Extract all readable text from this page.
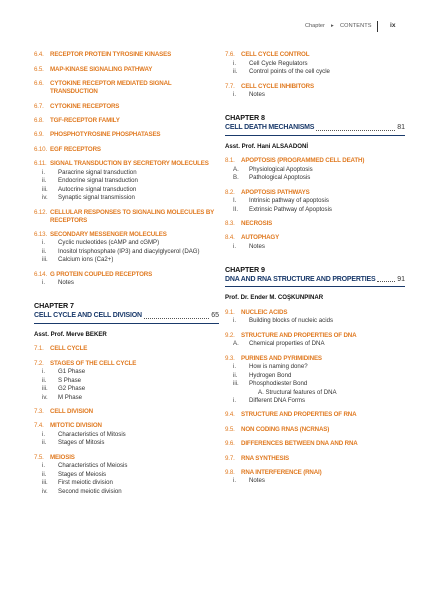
Chapter ▸ CONTENTS	ix
6.4. RECEPTOR PROTEIN TYROSINE KINASES
6.5. MAP-KINASE SIGNALING PATHWAY
6.6. CYTOKINE RECEPTOR MEDIATED SIGNAL TRANSDUCTION
6.7. CYTOKINE RECEPTORS
6.8. TGF-RECEPTOR FAMILY
6.9. PHOSPHOTYROSINE PHOSPHATASES
6.10. EGF RECEPTORS
6.11. SIGNAL TRANSDUCTION BY SECRETORY MOLECULES
i.	Paracrine signal transduction
ii.	Endocrine signal transduction
iii.	Autocrine signal transduction
iv.	Synaptic signal transmission
6.12. CELLULAR RESPONSES TO SIGNALING MOLECULES BY RECEPTORS
6.13. SECONDARY MESSENGER MOLECULES
i.	Cyclic nucleotides (cAMP and cGMP)
ii.	Inositol trisphosphate (IP3) and diacylglycerol (DAG)
iii.	Calcium ions (Ca2+)
6.14. G PROTEIN COUPLED RECEPTORS
i.	Notes
CHAPTER 7
CELL CYCLE AND CELL DIVISION	65
Asst. Prof. Merve BEKER
7.1. CELL CYCLE
7.2. STAGES OF THE CELL CYCLE
i.	G1 Phase
ii.	S Phase
iii.	G2 Phase
iv.	M Phase
7.3. CELL DIVISION
7.4. MITOTIC DIVISION
i.	Characteristics of Mitosis
ii.	Stages of Mitosis
7.5. MEIOSIS
i.	Characteristics of Meiosis
ii.	Stages of Meiosis
iii.	First meiotic division
iv.	Second meiotic division
7.6. CELL CYCLE CONTROL
i.	Cell Cycle Regulators
ii.	Control points of the cell cycle
7.7. CELL CYCLE INHIBITORS
i.	Notes
CHAPTER 8
CELL DEATH MECHANISMS	81
Asst. Prof. Hani ALSAADONİ
8.1. APOPTOSIS (PROGRAMMED CELL DEATH)
A.	Physiological Apoptosis
B.	Pathological Apoptosis
8.2. APOPTOSIS PATHWAYS
I.	Intrinsic pathway of apoptosis
II.	Extrinsic Pathway of Apoptosis
8.3. NECROSIS
8.4. AUTOPHAGY
i.	Notes
CHAPTER 9
DNA AND RNA STRUCTURE AND PROPERTIES	91
Prof. Dr. Ender M. COŞKUNPINAR
9.1. NUCLEIC ACIDS
i.	Building blocks of nucleic acids
9.2. STRUCTURE AND PROPERTIES OF DNA
A.	Chemical properties of DNA
9.3. PURINES AND PYRIMIDINES
i.	How is naming done?
ii.	Hydrogen Bond
iii.	Phosphodiester Bond
A. Structural features of DNA
i.	Different DNA Forms
9.4. STRUCTURE AND PROPERTIES OF RNA
9.5. NON CODING RNAS (NCRNAS)
9.6. DIFFERENCES BETWEEN DNA AND RNA
9.7. RNA SYNTHESIS
9.8. RNA INTERFERENCE (RNAI)
i.	Notes
